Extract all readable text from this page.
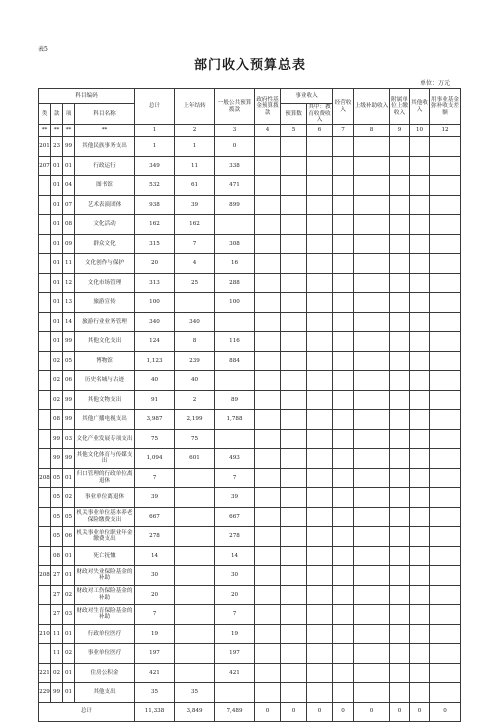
表5
部门收入预算总表
单位：万元
科目编码				总计	上年结转	一般公共预算拨款	政府性基金预算拨款	事业收入		经营收入	上级补助收入	附属单位上缴收入	其他收入	用事业基金弥补收支差额
								预算数	其中：教育收费收入					
类	款	项	科目名称											
**	**	**	**	1	2	3	4	5	6	7	8	9	10	12
201	23	99	其他民族事务支出	1	1	0								
207	01	01	行政运行	349	11	338								
	01	04	图书馆	532	61	471								
	01	07	艺术表演团体	938	39	899								
	01	08	文化活动	162	162									
	01	09	群众文化	315	7	308								
	01	11	文化创作与保护	20	4	16								
	01	12	文化市场管理	313	25	288								
	01	13	旅游宣传	100		100								
	01	14	旅游行业业务管理	340	340									
	01	99	其他文化支出	124	8	116								
	02	05	博物馆	1,123	239	884								
	02	06	历史名城与古迹	40	40									
	02	99	其他文物支出	91	2	89								
	08	99	其他广播电视支出	3,987	2,199	1,788								
	99	03	文化产业发展专项支出	75	75									
	99	99	其他文化体育与传媒支出	1,094	601	493								
208	05	01	归口管理的行政单位离退休	7		7								
	05	02	事业单位离退休	39		39								
	05	05	机关事业单位基本养老保险缴费支出	667		667								
	05	06	机关事业单位职业年金缴费支出	278		278								
	08	01	死亡抚恤	14		14								
208	27	01	财政对失业保险基金的补助	30		30								
	27	02	财政对工伤保险基金的补助	20		20								
	27	03	财政对生育保险基金的补助	7		7								
210	11	01	行政单位医疗	19		19								
	11	02	事业单位医疗	197		197								
221	02	01	住房公积金	421		421								
229	99	01	其他支出	35	35									
总计				11,338	3,849	7,489	0	0	0	0	0	0	0	0
